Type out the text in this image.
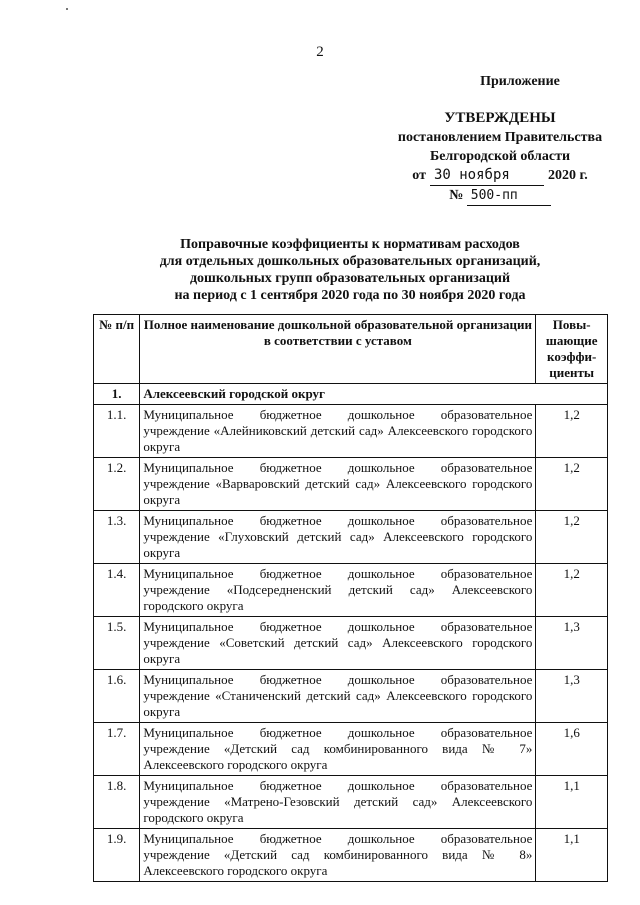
2
Приложение
УТВЕРЖДЕНЫ
постановлением Правительства
Белгородской области
от 30 ноября	2020 г.
№ 500-пп
Поправочные коэффициенты к нормативам расходов
для отдельных дошкольных образовательных организаций,
дошкольных групп образовательных организаций
на период с 1 сентября 2020 года по 30 ноября 2020 года
№ п/п	Полное наименование дошкольной образовательной организации в соответствии с уставом	Повы-шающие коэффи-циенты
1.	Алексеевский городской округ	
1.1.	Муниципальное бюджетное дошкольное образовательное учреждение «Алейниковский детский сад» Алексеевского городского округа	1,2
1.2.	Муниципальное бюджетное дошкольное образовательное учреждение «Варваровский детский сад» Алексеевского городского округа	1,2
1.3.	Муниципальное бюджетное дошкольное образовательное учреждение «Глуховский детский сад» Алексеевского городского округа	1,2
1.4.	Муниципальное бюджетное дошкольное образовательное учреждение «Подсередненский детский сад» Алексеевского городского округа	1,2
1.5.	Муниципальное бюджетное дошкольное образовательное учреждение «Советский детский сад» Алексеевского городского округа	1,3
1.6.	Муниципальное бюджетное дошкольное образовательное учреждение «Станиченский детский сад» Алексеевского городского округа	1,3
1.7.	Муниципальное бюджетное дошкольное образовательное учреждение «Детский сад комбинированного вида № 7» Алексеевского городского округа	1,6
1.8.	Муниципальное бюджетное дошкольное образовательное учреждение «Матрено-Гезовский детский сад» Алексеевского городского округа	1,1
1.9.	Муниципальное бюджетное дошкольное образовательное учреждение «Детский сад комбинированного вида № 8» Алексеевского городского округа	1,1
